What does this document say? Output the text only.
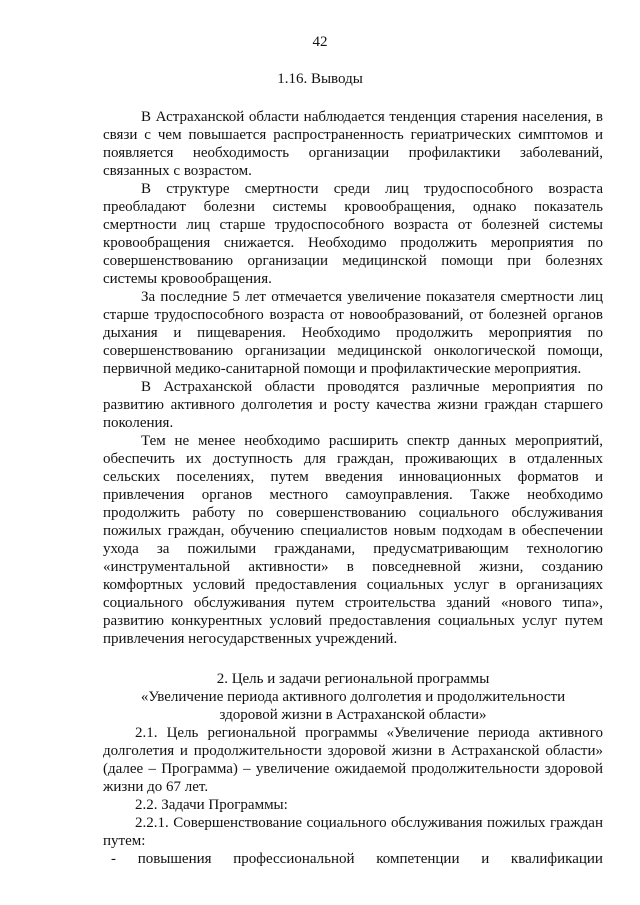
42
1.16. Выводы

В Астраханской области наблюдается тенденция старения населения, в связи с чем повышается распространенность гериатрических симптомов и появляется необходимость организации профилактики заболеваний, связанных с возрастом.

В структуре смертности среди лиц трудоспособного возраста преобладают болезни системы кровообращения, однако показатель смертности лиц старше трудоспособного возраста от болезней системы кровообращения снижается. Необходимо продолжить мероприятия по совершенствованию организации медицинской помощи при болезнях системы кровообращения.

За последние 5 лет отмечается увеличение показателя смертности лиц старше трудоспособного возраста от новообразований, от болезней органов дыхания и пищеварения. Необходимо продолжить мероприятия по совершенствованию организации медицинской онкологической помощи, первичной медико-санитарной помощи и профилактические мероприятия.

В Астраханской области проводятся различные мероприятия по развитию активного долголетия и росту качества жизни граждан старшего поколения.

Тем не менее необходимо расширить спектр данных мероприятий, обеспечить их доступность для граждан, проживающих в отдаленных сельских поселениях, путем введения инновационных форматов и привлечения органов местного самоуправления. Также необходимо продолжить работу по совершенствованию социального обслуживания пожилых граждан, обучению специалистов новым подходам в обеспечении ухода за пожилыми гражданами, предусматривающим технологию «инструментальной активности» в повседневной жизни, созданию комфортных условий предоставления социальных услуг в организациях социального обслуживания путем строительства зданий «нового типа», развитию конкурентных условий предоставления социальных услуг путем привлечения негосударственных учреждений.

2. Цель и задачи региональной программы

«Увеличение периода активного долголетия и продолжительности

здоровой жизни в Астраханской области»

2.1. Цель региональной программы «Увеличение периода активного долголетия и продолжительности здоровой жизни в Астраханской области» (далее – Программа) – увеличение ожидаемой продолжительности здоровой жизни до 67 лет.

2.2. Задачи Программы:

2.2.1. Совершенствование социального обслуживания пожилых граждан путем:

- повышения профессиональной компетенции и квалификации
